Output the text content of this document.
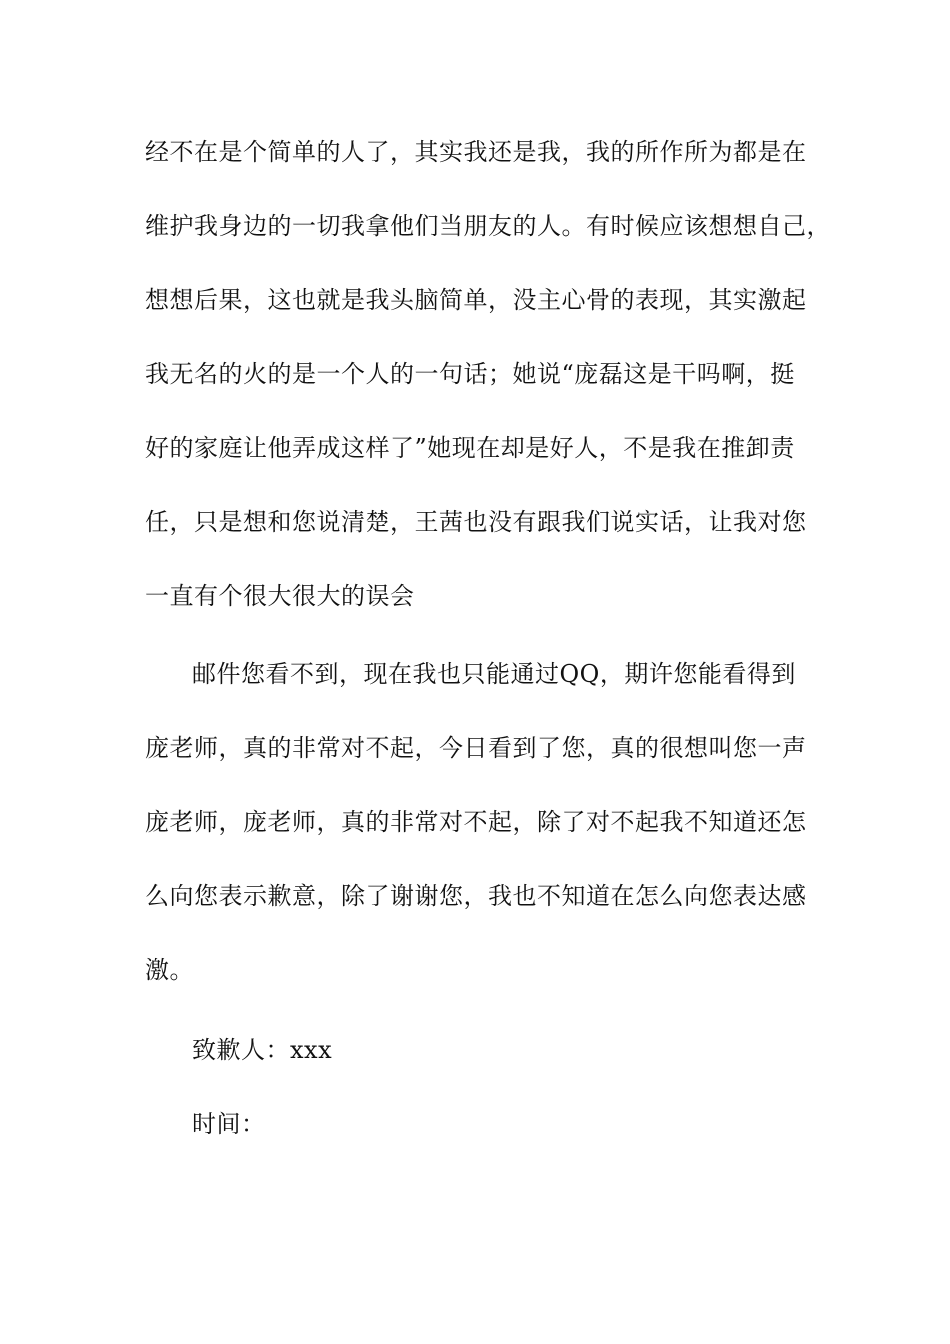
经不在是个简单的人了，其实我还是我，我的所作所为都是在
维护我身边的一切我拿他们当朋友的人。有时候应该想想自己，
想想后果，这也就是我头脑简单，没主心骨的表现，其实激起
我无名的火的是一个人的一句话；她说“庞磊这是干吗啊，挺
好的家庭让他弄成这样了”她现在却是好人，不是我在推卸责
任，只是想和您说清楚，王茜也没有跟我们说实话，让我对您
一直有个很大很大的误会
邮件您看不到，现在我也只能通过QQ，期许您能看得到
庞老师，真的非常对不起，今日看到了您，真的很想叫您一声
庞老师，庞老师，真的非常对不起，除了对不起我不知道还怎
么向您表示歉意，除了谢谢您，我也不知道在怎么向您表达感
激。
致歉人：xxx
时间：
